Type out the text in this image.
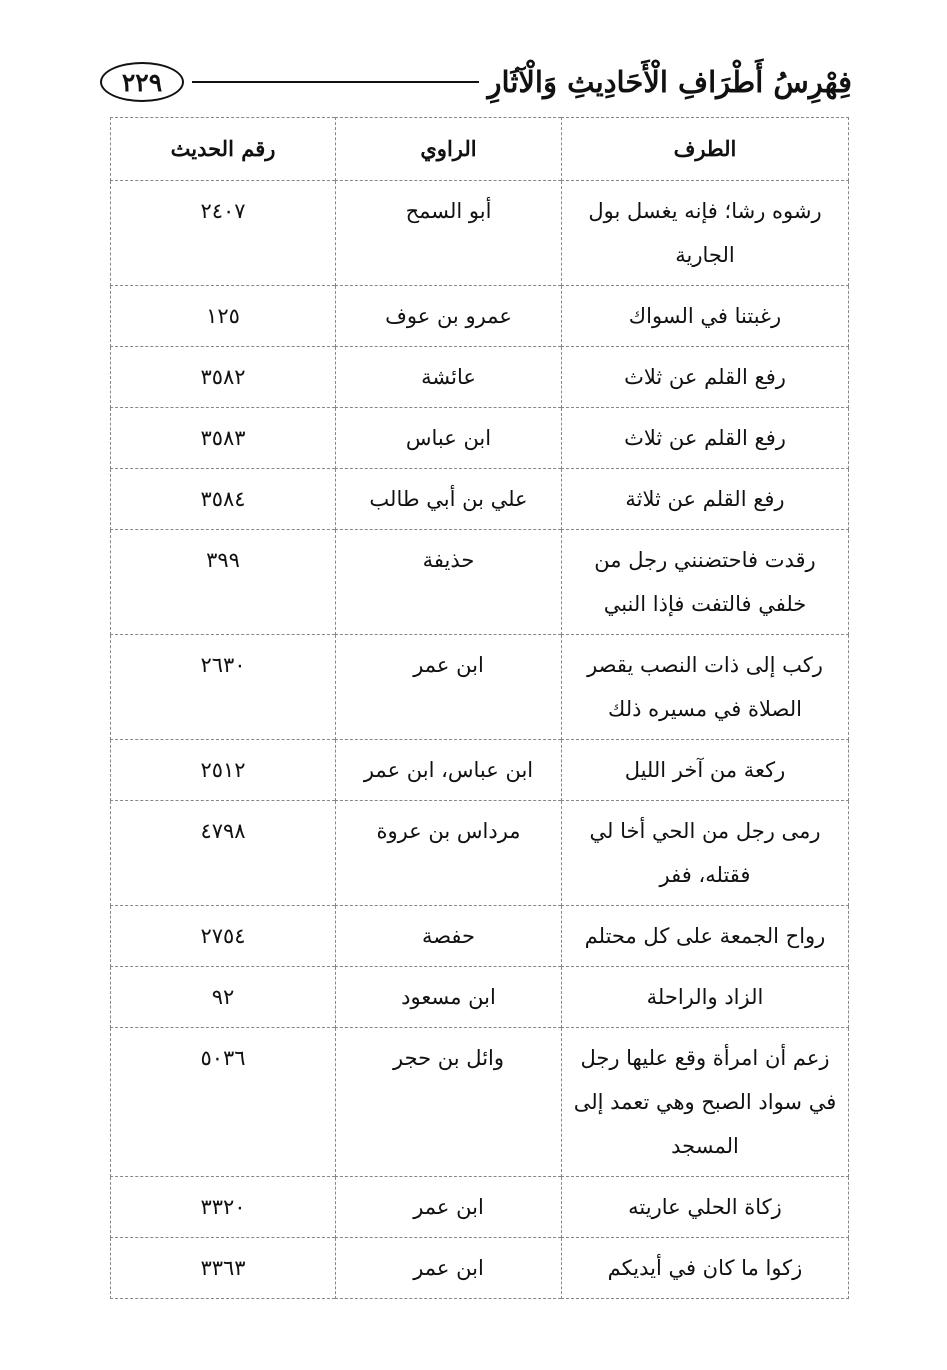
٢٢٩	فِهْرِسُ أَطْرَافِ الْأَحَادِيثِ وَالْآثَارِ
الطرف	الراوي	رقم الحديث
رشوه رشا؛ فإنه يغسل بول الجارية	أبو السمح	٢٤٠٧
رغبتنا في السواك	عمرو بن عوف	١٢٥
رفع القلم عن ثلاث	عائشة	٣٥٨٢
رفع القلم عن ثلاث	ابن عباس	٣٥٨٣
رفع القلم عن ثلاثة	علي بن أبي طالب	٣٥٨٤
رقدت فاحتضنني رجل من خلفي فالتفت فإذا النبي	حذيفة	٣٩٩
ركب إلى ذات النصب يقصر الصلاة في مسيره ذلك	ابن عمر	٢٦٣٠
ركعة من آخر الليل	ابن عباس، ابن عمر	٢٥١٢
رمى رجل من الحي أخا لي فقتله، ففر	مرداس بن عروة	٤٧٩٨
رواح الجمعة على كل محتلم	حفصة	٢٧٥٤
الزاد والراحلة	ابن مسعود	٩٢
زعم أن امرأة وقع عليها رجل في سواد الصبح وهي تعمد إلى المسجد	وائل بن حجر	٥٠٣٦
زكاة الحلي عاريته	ابن عمر	٣٣٢٠
زكوا ما كان في أيديكم	ابن عمر	٣٣٦٣
